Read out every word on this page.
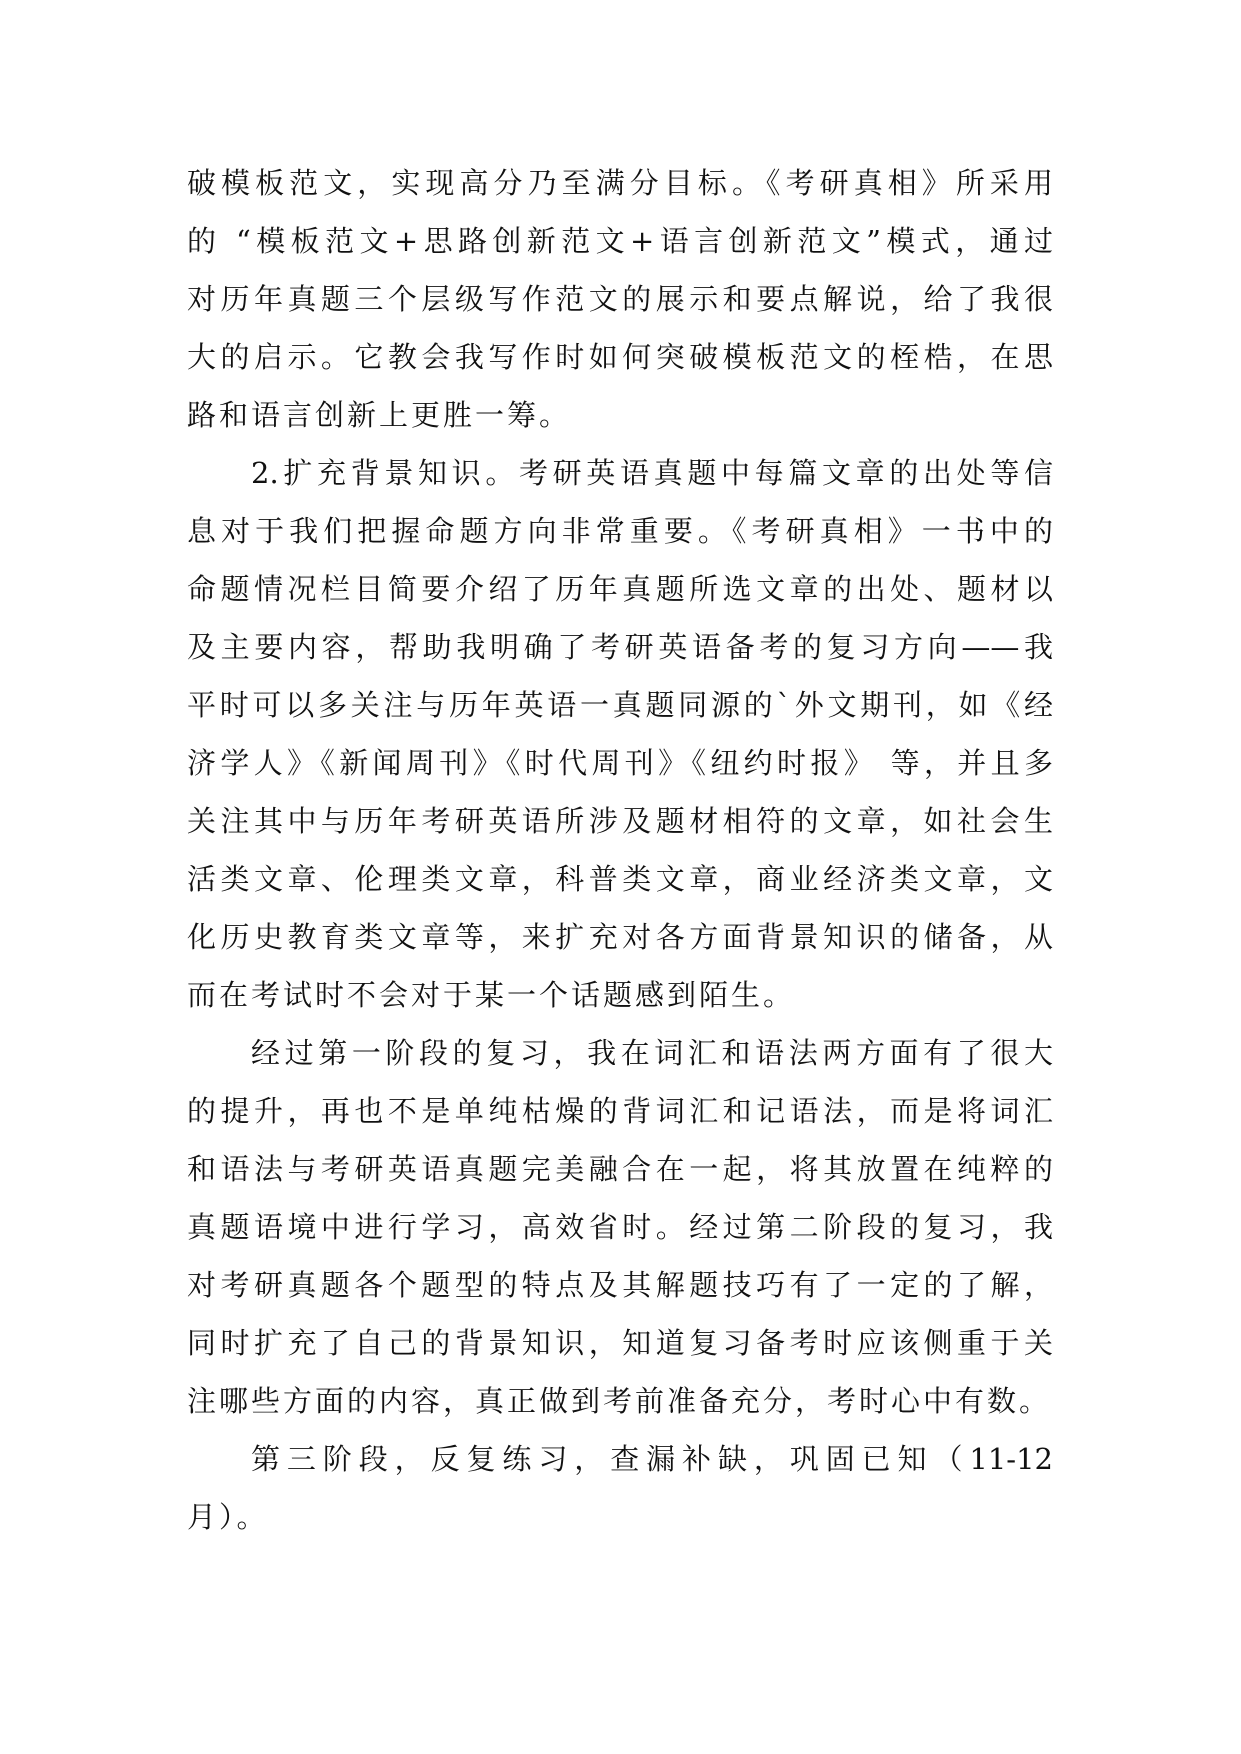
破模板范文，实现高分乃至满分目标。《考研真相》所采用
的 “模板范文+思路创新范文+语言创新范文”模式，通过
对历年真题三个层级写作范文的展示和要点解说，给了我很
大的启示。它教会我写作时如何突破模板范文的桎梏，在思
路和语言创新上更胜一筹。
2.扩充背景知识。考研英语真题中每篇文章的出处等信
息对于我们把握命题方向非常重要。《考研真相》一书中的
命题情况栏目简要介绍了历年真题所选文章的出处、题材以
及主要内容，帮助我明确了考研英语备考的复习方向——我
平时可以多关注与历年英语一真题同源的`外文期刊，如《经
济学人》《新闻周刊》《时代周刊》《纽约时报》 等，并且多
关注其中与历年考研英语所涉及题材相符的文章，如社会生
活类文章、伦理类文章，科普类文章，商业经济类文章，文
化历史教育类文章等，来扩充对各方面背景知识的储备，从
而在考试时不会对于某一个话题感到陌生。
经过第一阶段的复习，我在词汇和语法两方面有了很大
的提升，再也不是单纯枯燥的背词汇和记语法，而是将词汇
和语法与考研英语真题完美融合在一起，将其放置在纯粹的
真题语境中进行学习，高效省时。经过第二阶段的复习，我
对考研真题各个题型的特点及其解题技巧有了一定的了解，
同时扩充了自己的背景知识，知道复习备考时应该侧重于关
注哪些方面的内容，真正做到考前准备充分，考时心中有数。
第三阶段，反复练习，查漏补缺，巩固已知（11-12
月）。
